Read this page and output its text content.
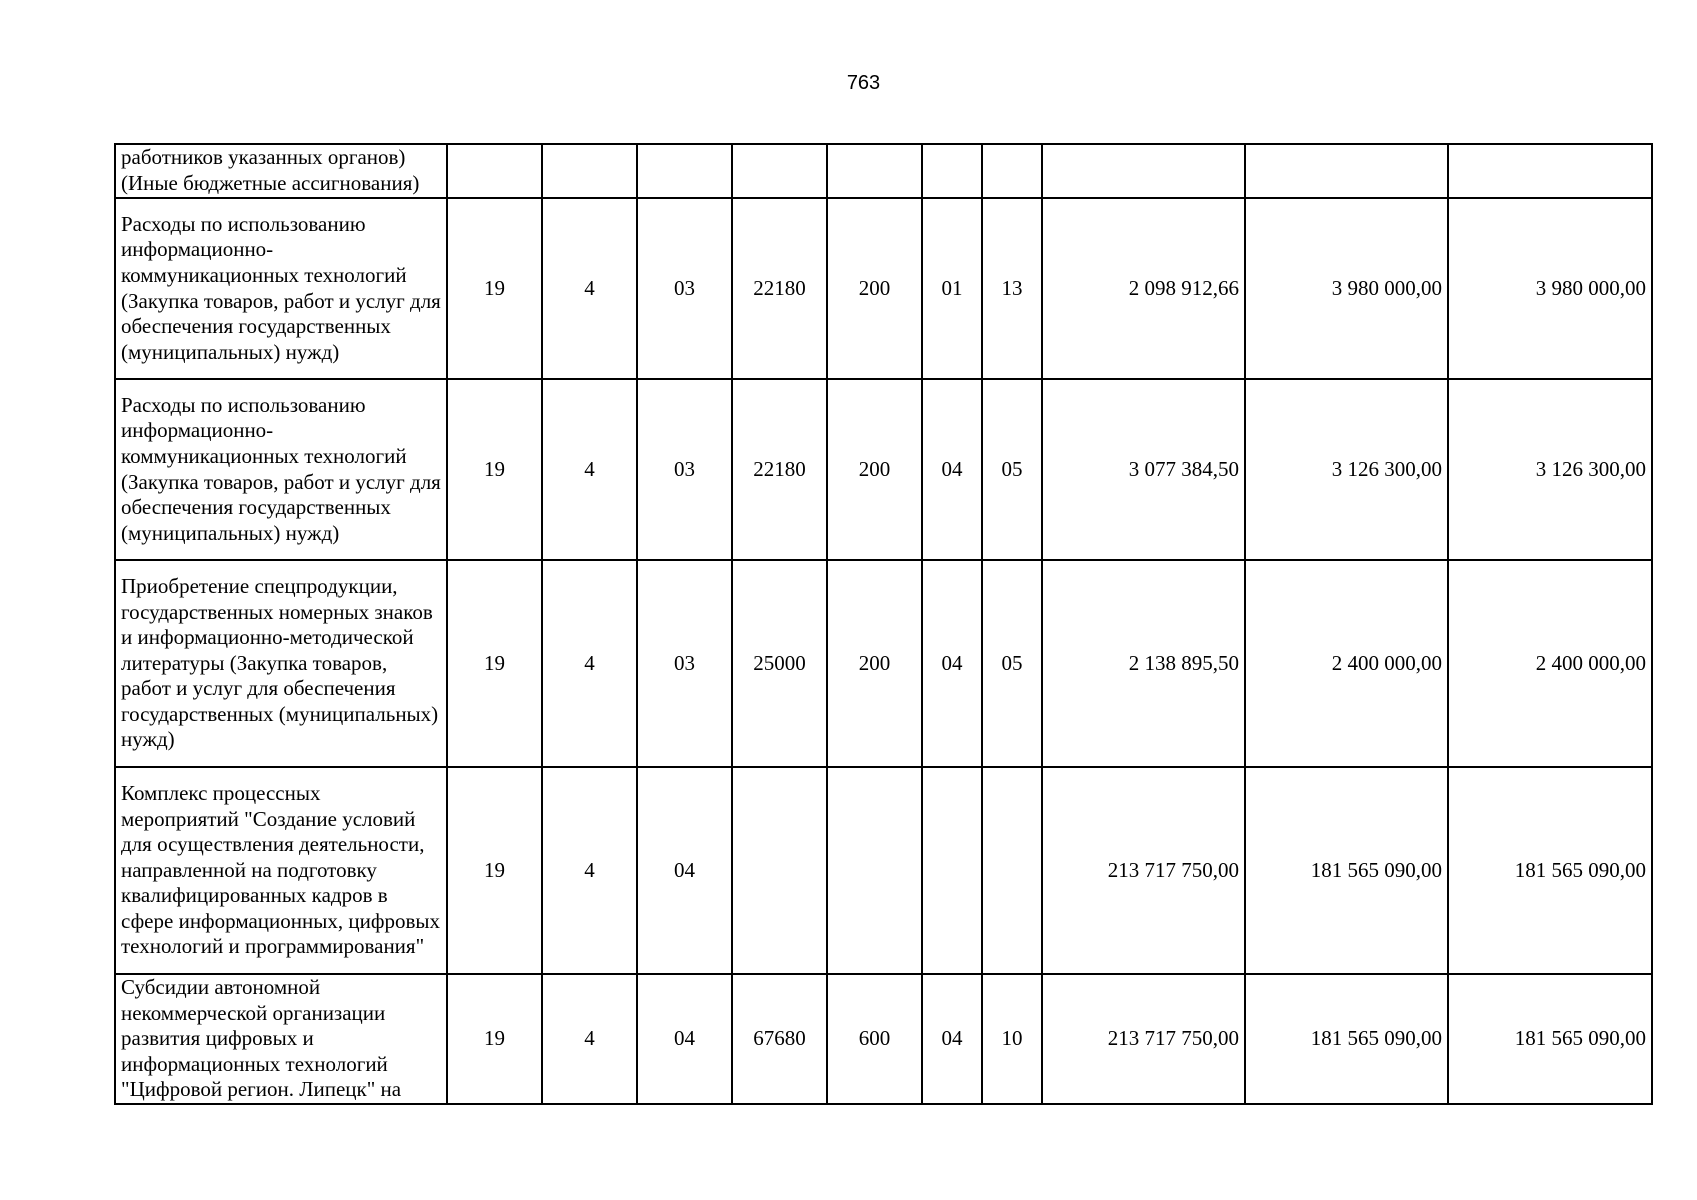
763
работников указанных органов) (Иные бюджетные ассигнования)										
Расходы по использованию информационно-коммуникационных технологий (Закупка товаров, работ и услуг для обеспечения государственных (муниципальных) нужд)	19	4	03	22180	200	01	13	2 098 912,66	3 980 000,00	3 980 000,00
Расходы по использованию информационно-коммуникационных технологий (Закупка товаров, работ и услуг для обеспечения государственных (муниципальных) нужд)	19	4	03	22180	200	04	05	3 077 384,50	3 126 300,00	3 126 300,00
Приобретение спецпродукции, государственных номерных знаков и информационно-методической литературы (Закупка товаров, работ и услуг для обеспечения государственных (муниципальных) нужд)	19	4	03	25000	200	04	05	2 138 895,50	2 400 000,00	2 400 000,00
Комплекс процессных мероприятий "Создание условий для осуществления деятельности, направленной на подготовку квалифицированных кадров в сфере информационных, цифровых технологий и программирования"	19	4	04					213 717 750,00	181 565 090,00	181 565 090,00
Субсидии автономной некоммерческой организации развития цифровых и информационных технологий "Цифровой регион. Липецк" на	19	4	04	67680	600	04	10	213 717 750,00	181 565 090,00	181 565 090,00
